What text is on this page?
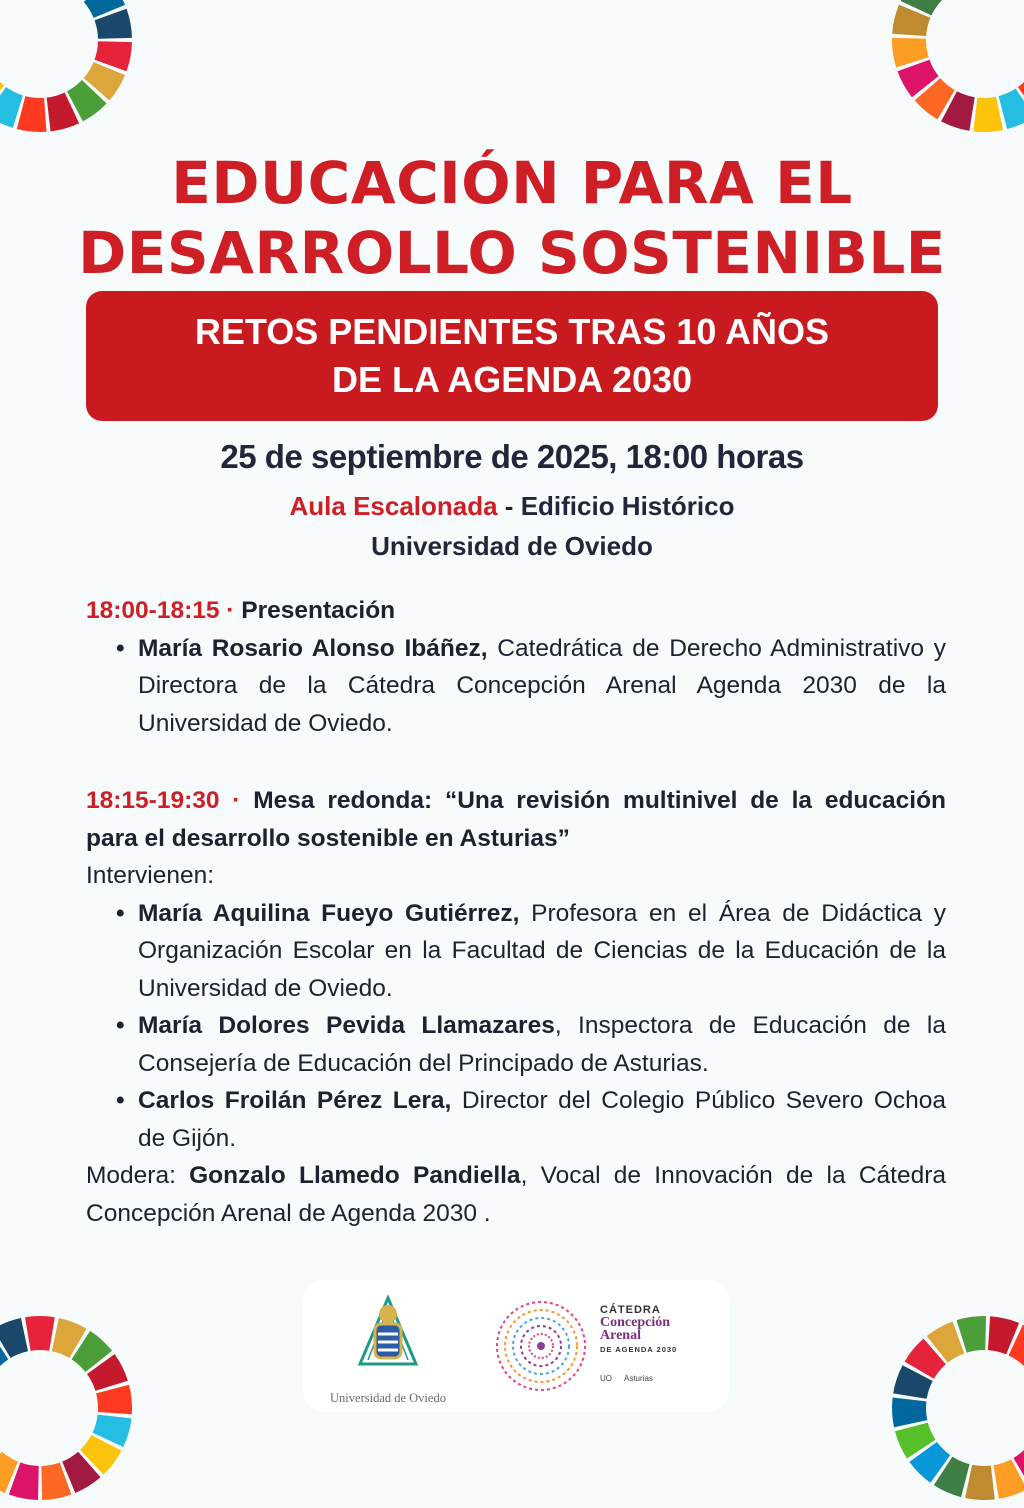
EDUCACIÓN PARA EL
DESARROLLO SOSTENIBLE
RETOS PENDIENTES TRAS 10 AÑOS
DE LA AGENDA 2030
25 de septiembre de 2025, 18:00 horas
Aula Escalonada - Edificio Histórico
Universidad de Oviedo
18:00-18:15 · Presentación
• María Rosario Alonso Ibáñez, Catedrática de Derecho Administrativo y Directora de la Cátedra Concepción Arenal Agenda 2030 de la Universidad de Oviedo.
18:15-19:30 · Mesa redonda: “Una revisión multinivel de la educación para el desarrollo sostenible en Asturias”
Intervienen:
• María Aquilina Fueyo Gutiérrez, Profesora en el Área de Didáctica y Organización Escolar en la Facultad de Ciencias de la Educación de la Universidad de Oviedo.
• María Dolores Pevida Llamazares, Inspectora de Educación de la Consejería de Educación del Principado de Asturias.
• Carlos Froilán Pérez Lera, Director del Colegio Público Severo Ochoa de Gijón.
Modera: Gonzalo Llamedo Pandiella, Vocal de Innovación de la Cátedra Concepción Arenal de Agenda 2030 .
Universidad de Oviedo
CÁTEDRA
Concepción
Arenal
DE AGENDA 2030
UO Asturias
